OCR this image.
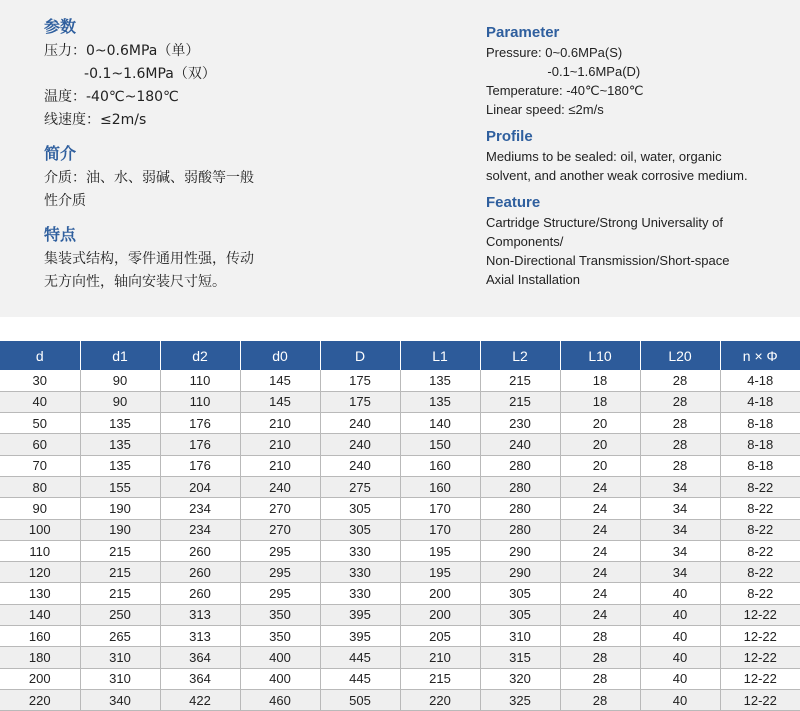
参数

压力：0~0.6MPa（单）

-0.1~1.6MPa（双）

温度：-40℃~180℃

线速度：≤2m/s

简介

介质：油、水、弱碱、弱酸等一般

性介质

特点

集装式结构，零件通用性强，传动

无方向性，轴向安装尺寸短。

Parameter

Pressure: 0~0.6MPa(S)

-0.1~1.6MPa(D)

Temperature: -40℃~180℃

Linear speed: ≤2m/s

Profile

Mediums to be sealed: oil, water, organic

solvent, and another weak corrosive medium.

Feature

Cartridge Structure/Strong Universality of

Components/

Non-Directional Transmission/Short-space

Axial Installation

d	d1	d2	d0	D	L1	L2	L10	L20	n × Φ
30	90	110	145	175	135	215	18	28	4-18
40	90	110	145	175	135	215	18	28	4-18
50	135	176	210	240	140	230	20	28	8-18
60	135	176	210	240	150	240	20	28	8-18
70	135	176	210	240	160	280	20	28	8-18
80	155	204	240	275	160	280	24	34	8-22
90	190	234	270	305	170	280	24	34	8-22
100	190	234	270	305	170	280	24	34	8-22
110	215	260	295	330	195	290	24	34	8-22
120	215	260	295	330	195	290	24	34	8-22
130	215	260	295	330	200	305	24	40	8-22
140	250	313	350	395	200	305	24	40	12-22
160	265	313	350	395	205	310	28	40	12-22
180	310	364	400	445	210	315	28	40	12-22
200	310	364	400	445	215	320	28	40	12-22
220	340	422	460	505	220	325	28	40	12-22
